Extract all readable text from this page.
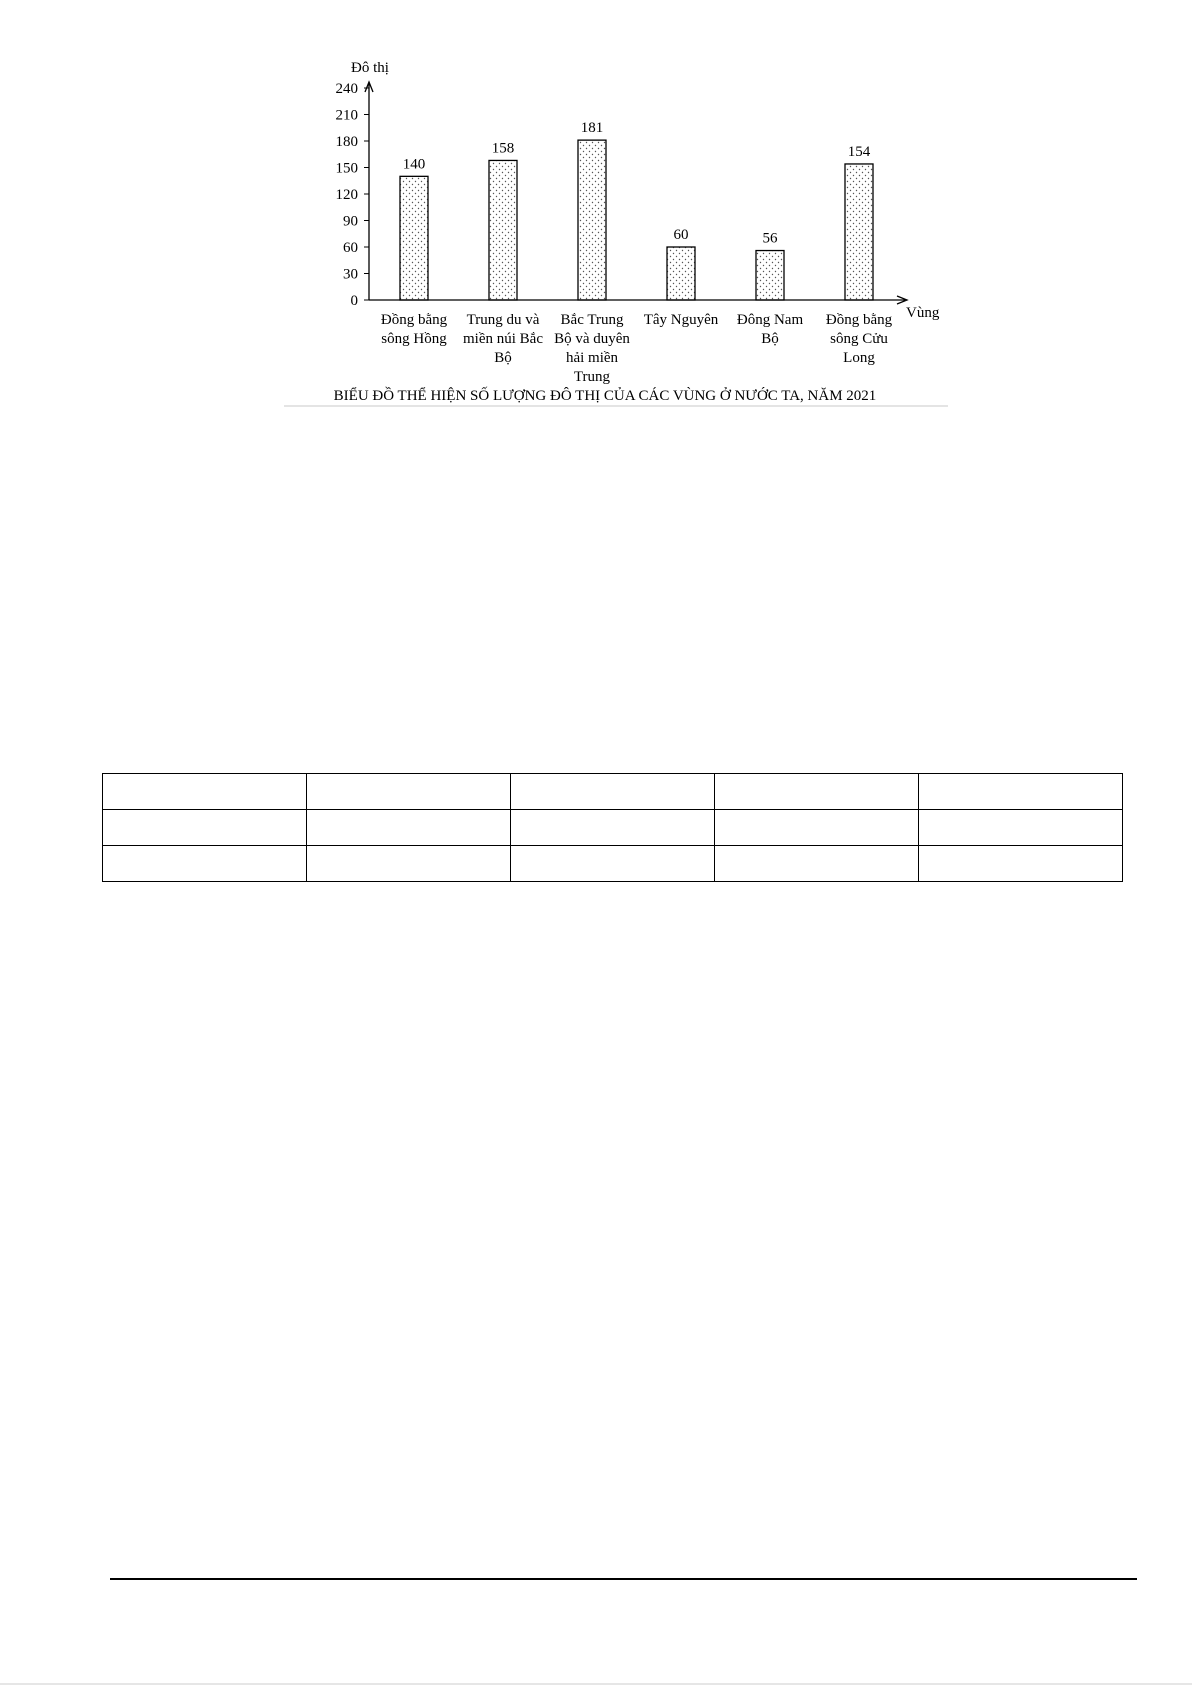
0
30
60
90
120
150
180
210
240
Đô thị
Vùng
140
Đồng bằng
sông Hồng
158
Trung du và
miền núi Bắc
Bộ
181
Bắc Trung
Bộ và duyên
hải miền
Trung
60
Tây Nguyên
56
Đông Nam
Bộ
154
Đồng bằng
sông Cửu
Long
BIỂU ĐỒ THỂ HIỆN SỐ LƯỢNG ĐÔ THỊ CỦA CÁC VÙNG Ở NƯỚC TA, NĂM 2021
